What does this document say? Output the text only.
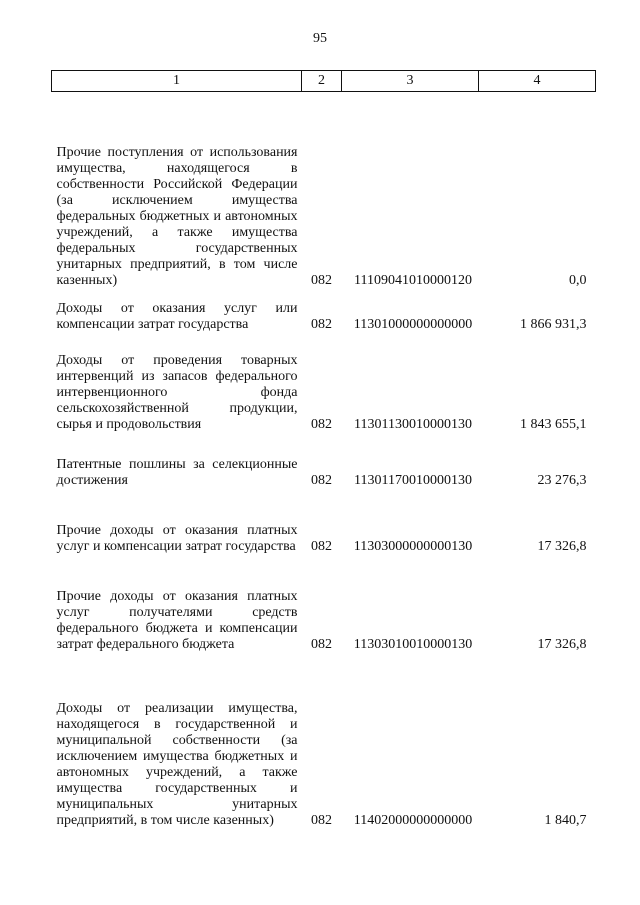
95
1	2	3	4
Прочие поступления от использования имущества, находящегося в собственности Российской Федерации (за исключением имущества федеральных бюджетных и автономных учреждений, а также имущества федеральных государственных унитарных предприятий, в том числе казенных)	082	11109041010000120	0,0
Доходы от оказания услуг или компенсации затрат государства	082	11301000000000000	1 866 931,3
Доходы от проведения товарных интервенций из запасов федерального интервенционного фонда сельскохозяйственной продукции, сырья и продовольствия	082	11301130010000130	1 843 655,1
Патентные пошлины за селекционные достижения	082	11301170010000130	23 276,3
Прочие доходы от оказания платных услуг и компенсации затрат государства	082	11303000000000130	17 326,8
Прочие доходы от оказания платных услуг получателями средств федерального бюджета и компенсации затрат федерального бюджета	082	11303010010000130	17 326,8
Доходы от реализации имущества, находящегося в государственной и муниципальной собственности (за исключением имущества бюджетных и автономных учреждений, а также имущества государственных и муниципальных унитарных предприятий, в том числе казенных)	082	11402000000000000	1 840,7
